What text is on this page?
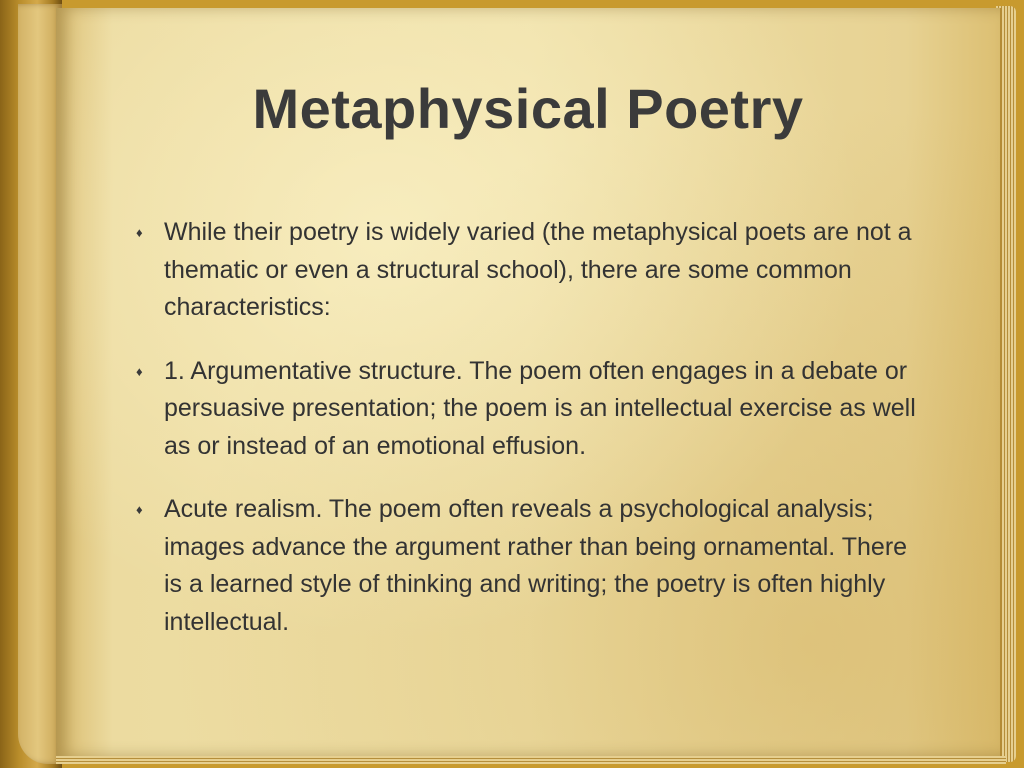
Metaphysical Poetry
♦ While their poetry is widely varied (the metaphysical poets are not a thematic or even a structural school), there are some common characteristics:
♦ 1. Argumentative structure. The poem often engages in a debate or persuasive presentation; the poem is an intellectual exercise as well as or instead of an emotional effusion.
♦ Acute realism. The poem often reveals a psychological analysis; images advance the argument rather than being ornamental. There is a learned style of thinking and writing; the poetry is often highly intellectual.
